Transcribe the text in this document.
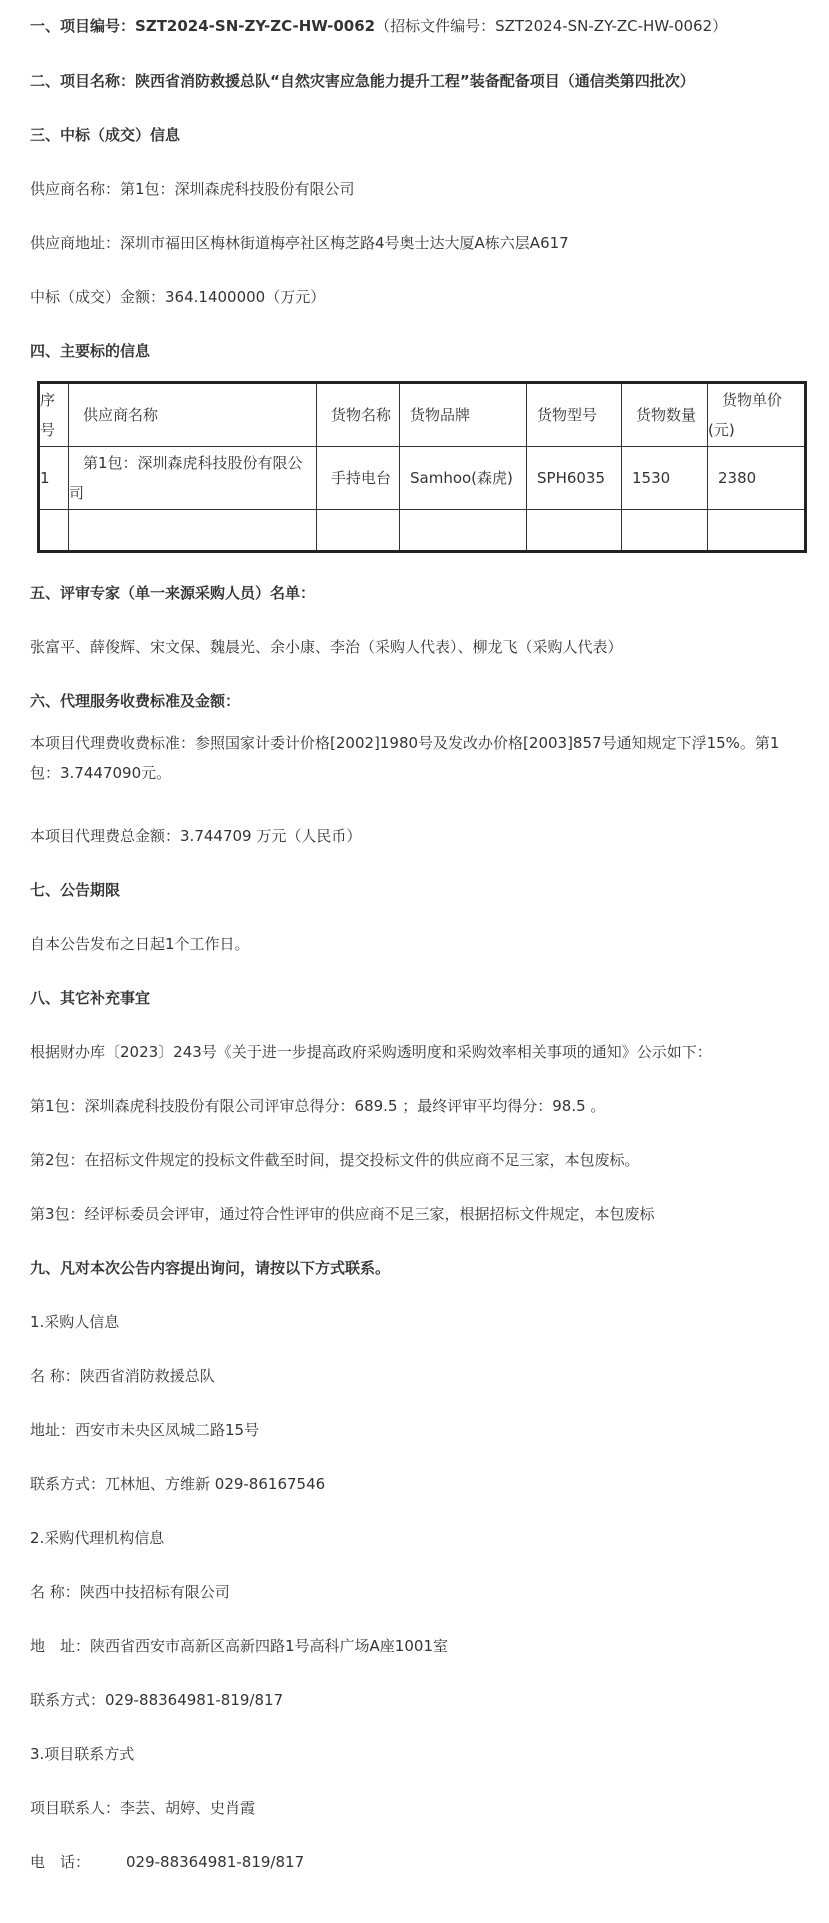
一、项目编号：SZT2024-SN-ZY-ZC-HW-0062（招标文件编号：SZT2024-SN-ZY-ZC-HW-0062）
二、项目名称：陕西省消防救援总队“自然灾害应急能力提升工程”装备配备项目（通信类第四批次）
三、中标（成交）信息
供应商名称：第1包：深圳森虎科技股份有限公司
供应商地址：深圳市福田区梅林街道梅亭社区梅芝路4号奥士达大厦A栋六层A617
中标（成交）金额：364.1400000（万元）
四、主要标的信息
序号	供应商名称	货物名称	货物品牌	货物型号	货物数量	货物单价(元)
1	第1包：深圳森虎科技股份有限公司	手持电台	Samhoo(森虎)	SPH6035	1530	2380

五、评审专家（单一来源采购人员）名单：
张富平、薛俊辉、宋文保、魏晨光、余小康、李治（采购人代表）、柳龙飞（采购人代表）
六、代理服务收费标准及金额：
本项目代理费收费标准：参照国家计委计价格[2002]1980号及发改办价格[2003]857号通知规定下浮15%。第1包：3.7447090元。
本项目代理费总金额：3.744709 万元（人民币）
七、公告期限
自本公告发布之日起1个工作日。
八、其它补充事宜
根据财办库〔2023〕243号《关于进一步提高政府采购透明度和采购效率相关事项的通知》公示如下：
第1包：深圳森虎科技股份有限公司评审总得分：689.5 ；最终评审平均得分：98.5 。
第2包：在招标文件规定的投标文件截至时间，提交投标文件的供应商不足三家，本包废标。
第3包：经评标委员会评审，通过符合性评审的供应商不足三家，根据招标文件规定，本包废标
九、凡对本次公告内容提出询问，请按以下方式联系。
1.采购人信息
名 称：陕西省消防救援总队
地址：西安市未央区凤城二路15号
联系方式：兀林旭、方维新 029-86167546
2.采购代理机构信息
名 称：陕西中技招标有限公司
地　址：陕西省西安市高新区高新四路1号高科广场A座1001室
联系方式：029-88364981-819/817
3.项目联系方式
项目联系人：李芸、胡婷、史肖霞
电　话： 029-88364981-819/817
